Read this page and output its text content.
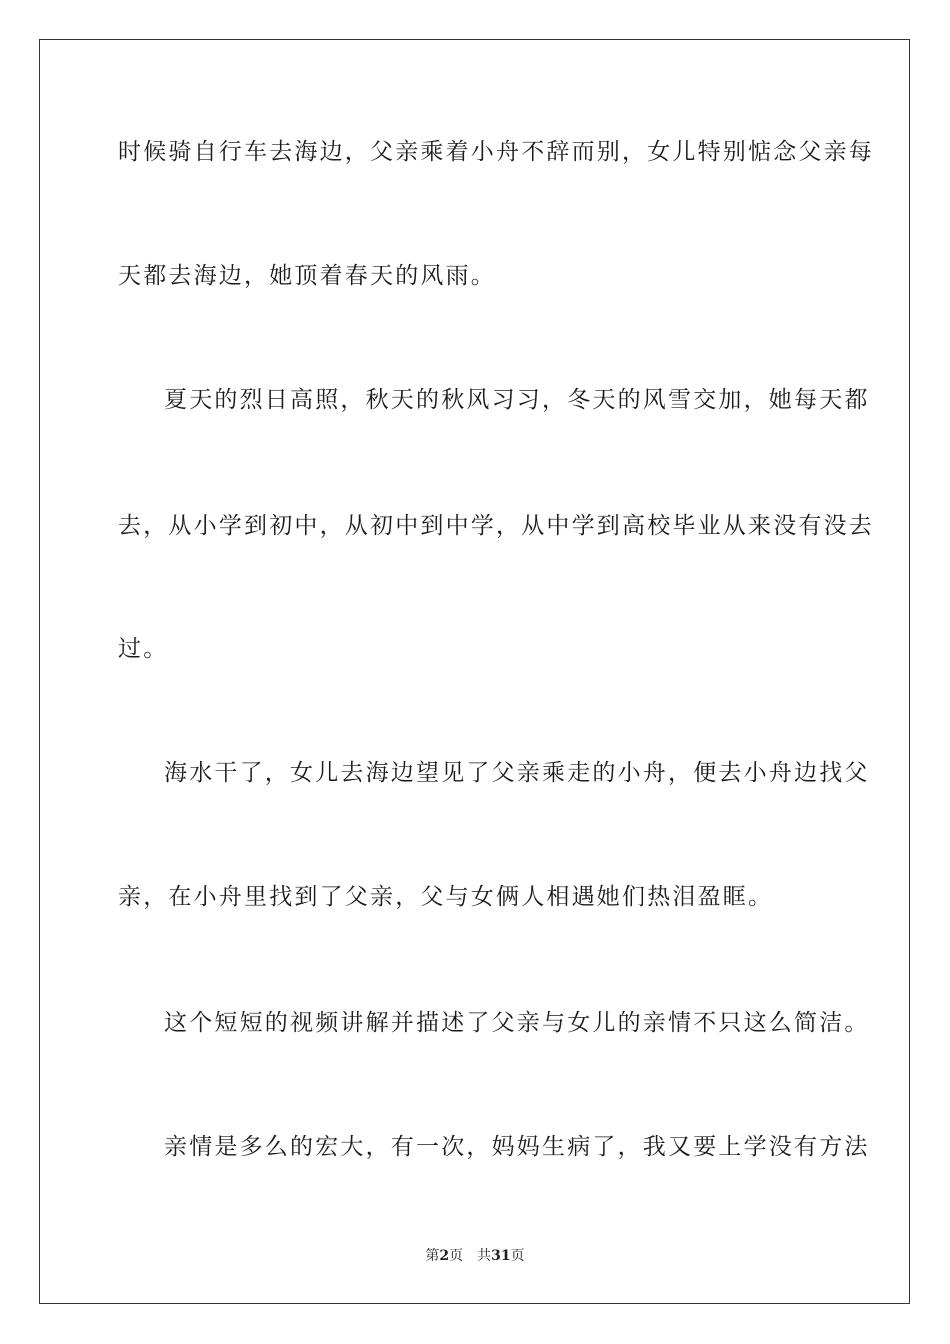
时候骑自行车去海边，父亲乘着小舟不辞而别，女儿特别惦念父亲每
天都去海边，她顶着春天的风雨。
夏天的烈日高照，秋天的秋风习习，冬天的风雪交加，她每天都
去，从小学到初中，从初中到中学，从中学到高校毕业从来没有没去
过。
海水干了，女儿去海边望见了父亲乘走的小舟，便去小舟边找父
亲，在小舟里找到了父亲，父与女俩人相遇她们热泪盈眶。
这个短短的视频讲解并描述了父亲与女儿的亲情不只这么简洁。
亲情是多么的宏大，有一次，妈妈生病了，我又要上学没有方法
第2页 共31页
